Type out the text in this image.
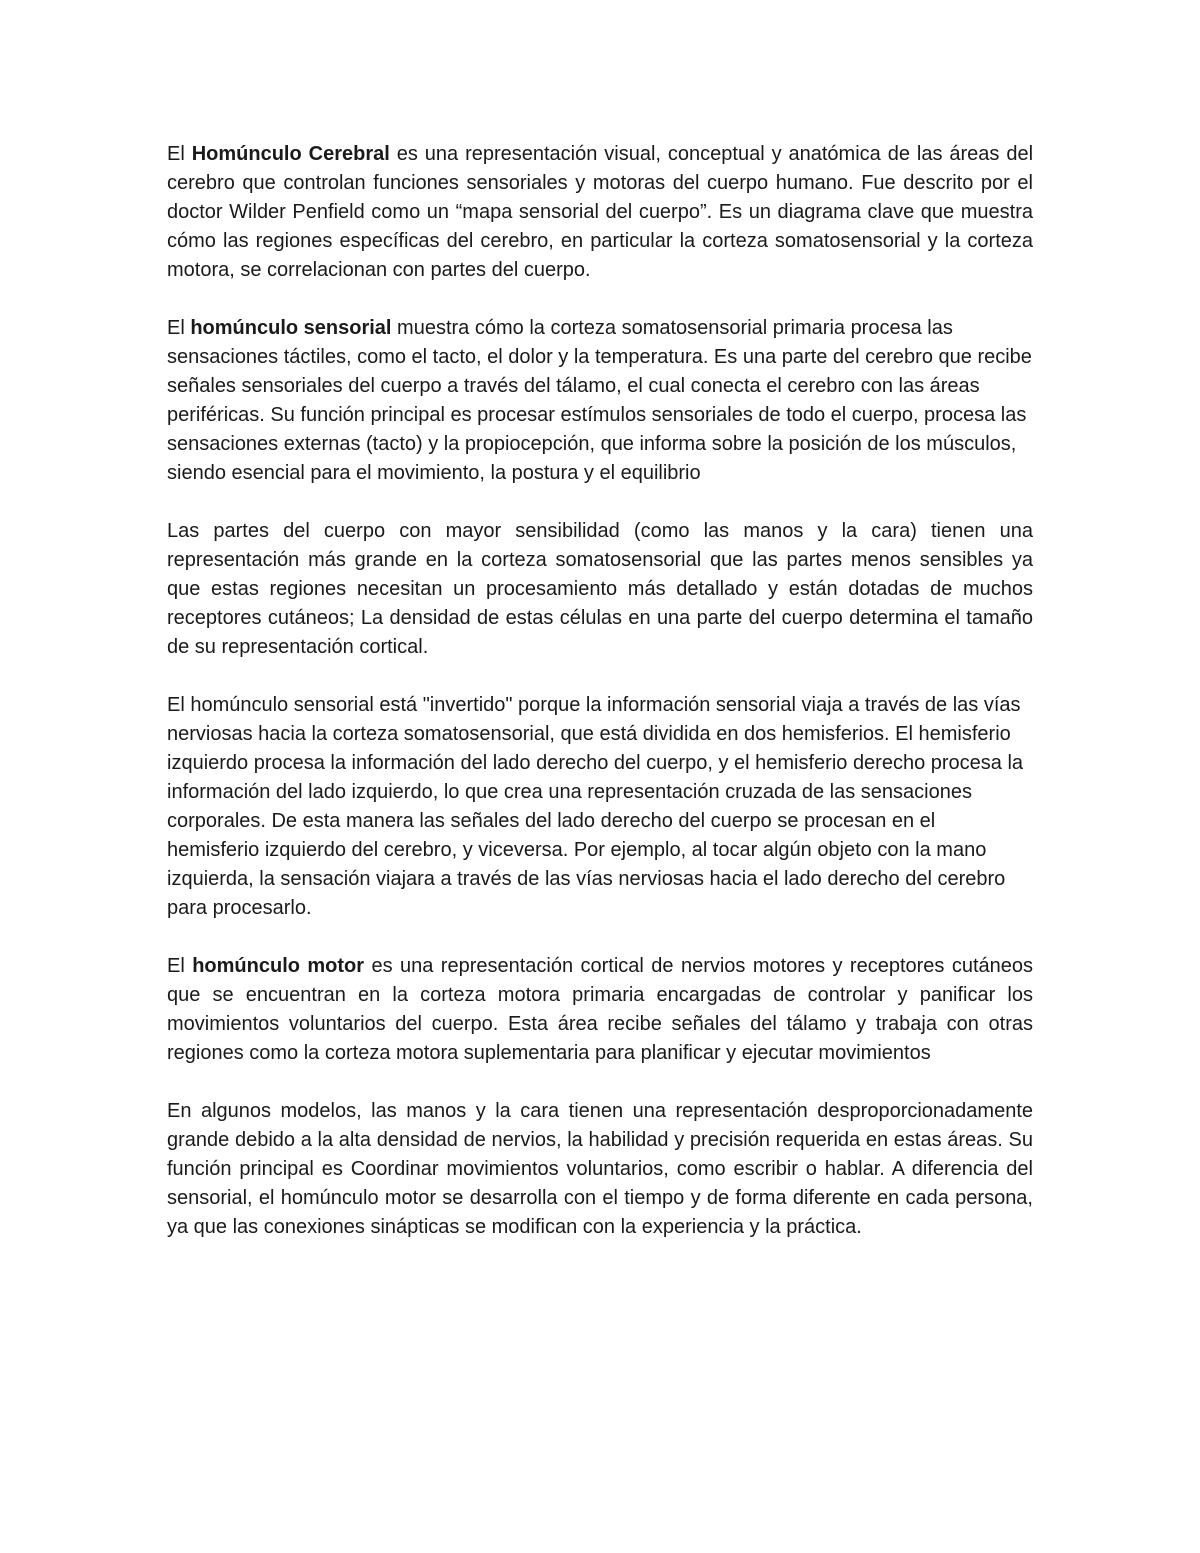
El Homúnculo Cerebral es una representación visual, conceptual y anatómica de las áreas del cerebro que controlan funciones sensoriales y motoras del cuerpo humano. Fue descrito por el doctor Wilder Penfield como un “mapa sensorial del cuerpo”. Es un diagrama clave que muestra cómo las regiones específicas del cerebro, en particular la corteza somatosensorial y la corteza motora, se correlacionan con partes del cuerpo.

El homúnculo sensorial muestra cómo la corteza somatosensorial primaria procesa las sensaciones táctiles, como el tacto, el dolor y la temperatura. Es una parte del cerebro que recibe señales sensoriales del cuerpo a través del tálamo, el cual conecta el cerebro con las áreas periféricas. Su función principal es procesar estímulos sensoriales de todo el cuerpo, procesa las sensaciones externas (tacto) y la propiocepción, que informa sobre la posición de los músculos, siendo esencial para el movimiento, la postura y el equilibrio

Las partes del cuerpo con mayor sensibilidad (como las manos y la cara) tienen una representación más grande en la corteza somatosensorial que las partes menos sensibles ya que estas regiones necesitan un procesamiento más detallado y están dotadas de muchos receptores cutáneos; La densidad de estas células en una parte del cuerpo determina el tamaño de su representación cortical.

El homúnculo sensorial está "invertido" porque la información sensorial viaja a través de las vías nerviosas hacia la corteza somatosensorial, que está dividida en dos hemisferios. El hemisferio izquierdo procesa la información del lado derecho del cuerpo, y el hemisferio derecho procesa la información del lado izquierdo, lo que crea una representación cruzada de las sensaciones corporales. De esta manera las señales del lado derecho del cuerpo se procesan en el hemisferio izquierdo del cerebro, y viceversa. Por ejemplo, al tocar algún objeto con la mano izquierda, la sensación viajara a través de las vías nerviosas hacia el lado derecho del cerebro para procesarlo.

El homúnculo motor es una representación cortical de nervios motores y receptores cutáneos que se encuentran en la corteza motora primaria encargadas de controlar y panificar los movimientos voluntarios del cuerpo. Esta área recibe señales del tálamo y trabaja con otras regiones como la corteza motora suplementaria para planificar y ejecutar movimientos

En algunos modelos, las manos y la cara tienen una representación desproporcionadamente grande debido a la alta densidad de nervios, la habilidad y precisión requerida en estas áreas. Su función principal es Coordinar movimientos voluntarios, como escribir o hablar. A diferencia del sensorial, el homúnculo motor se desarrolla con el tiempo y de forma diferente en cada persona, ya que las conexiones sinápticas se modifican con la experiencia y la práctica.
